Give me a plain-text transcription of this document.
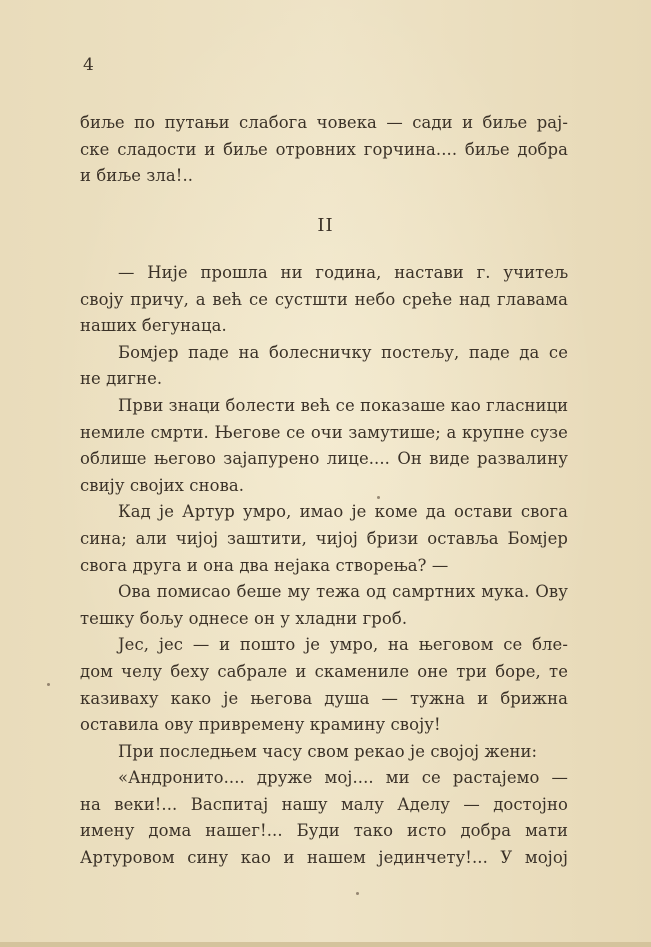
4
биље по путањи слабога човека — сади и биље рај-
ске сладости и биље отровних горчина.... биље добра
и биље зла!..
II
— Није прошла ни година, настави г. учитељ
своју причу, а већ се сустшти небо среће над главама
наших бегунаца.
Бомјер паде на болесничку постељу, паде да се
не дигне.
Први знаци болести већ се показаше као гласници
немиле смрти. Његове се очи замутише; а крупне сузе
облише његово зајапурено лице.... Он виде развалину
свију својих снова.
Кад је Артур умро, имао је коме да остави свога
сина; али чијој заштити, чијој бризи оставља Бомјер
свога друга и она два нејака створења? —
Ова помисао беше му тежа од самртних мука. Ову
тешку бољу однесе он у хладни гроб.
Јес, јес — и пошто је умро, на његовом се бле-
дом челу беху сабрале и скамениле оне три боре, те
казиваху како је његова душа — тужна и брижна
оставила ову привремену крамину своју!
При последњем часу свом рекао је својој жени:
«Андронито.... друже мој.... ми се растајемо —
на веки!... Васпитај нашу малу Аделу — достојно
имену дома нашег!... Буди тако исто добра мати
Артуровом сину као и нашем јединчету!... У мојој
